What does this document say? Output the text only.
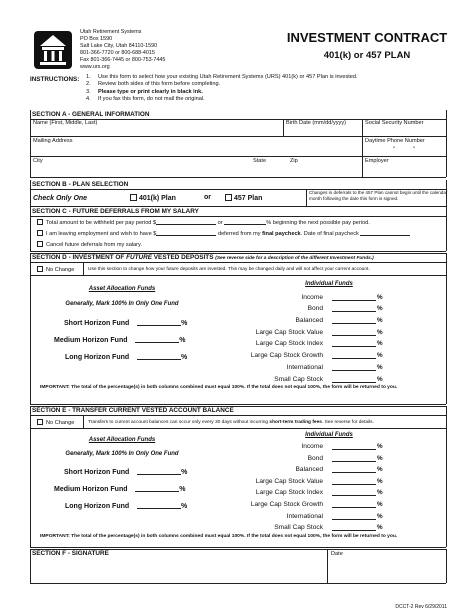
Utah Retirement Systems
PO Box 1590
Salt Lake City, Utah 84110-1590
801-366-7720 or 800-688-4015
Fax 801-366-7445 or 800-753-7445
www.urs.org
INVESTMENT CONTRACT
401(k) or 457 PLAN
INSTRUCTIONS: 1. Use this form to select how your existing Utah Retirement Systems (URS) 401(k) or 457 Plan is invested.
2. Review both sides of this form before completing.
3. Please type or print clearly in black ink.
4. If you fax this form, do not mail the original.
SECTION A - GENERAL INFORMATION
Name (First, Middle, Last)	Birth Date (mm/dd/yyyy)	Social Security Number
Mailing Address	Daytime Phone Number
-	-
City	State	Zip	Employer
SECTION B - PLAN SELECTION
Check Only One	401(k) Plan	or	457 Plan
Changes in deferrals to the 457 Plan cannot begin until the calendar month following the date this form is signed.
SECTION C - FUTURE DEFERRALS FROM MY SALARY
Total amount to be withheld per pay period $	or	% beginning the next possible pay period.
I am leaving employment and wish to have $	deferred from my final paycheck. Date of final paycheck
Cancel future deferrals from my salary.
SECTION D - INVESTMENT OF FUTURE VESTED DEPOSITS (See reverse side for a description of the different Investment Funds.)
No Change	Use this section to change how your future deposits are invested. This may be changed daily and will not affect your current account.
Asset Allocation Funds
Generally, Mark 100% In Only One Fund
Individual Funds
Short Horizon Fund	%
Medium Horizon Fund	%
Long Horizon Fund	%
Income	%
Bond	%
Balanced	%
Large Cap Stock Value	%
Large Cap Stock Index	%
Large Cap Stock Growth	%
International	%
Small Cap Stock	%
IMPORTANT: The total of the percentage(s) in both columns combined must equal 100%. If the total does not equal 100%, the form will be returned to you.
SECTION E - TRANSFER CURRENT VESTED ACCOUNT BALANCE
No Change	Transfers to current account balances can occur only every 30 days without incurring short-term trading fees. See reverse for details.
Asset Allocation Funds
Generally, Mark 100% In Only One Fund
Individual Funds
Short Horizon Fund	%
Medium Horizon Fund	%
Long Horizon Fund	%
Income	%
Bond	%
Balanced	%
Large Cap Stock Value	%
Large Cap Stock Index	%
Large Cap Stock Growth	%
International	%
Small Cap Stock	%
IMPORTANT: The total of the percentage(s) in both columns combined must equal 100%. If the total does not equal 100%, the form will be returned to you.
SECTION F - SIGNATURE	Date
DCCT-2 Rev 6/29/2011
